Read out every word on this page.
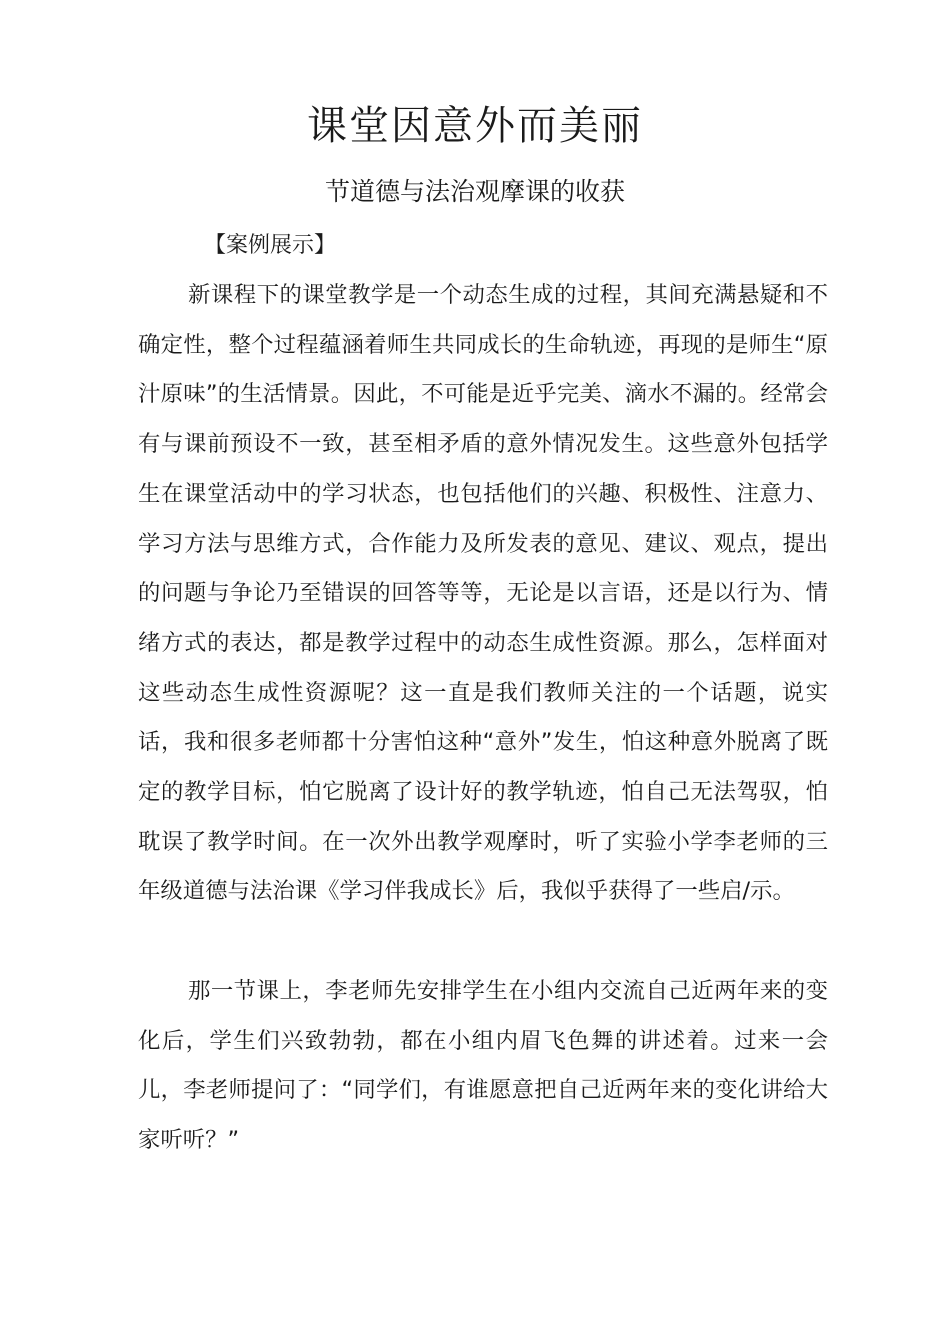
课堂因意外而美丽
节道德与法治观摩课的收获
【案例展示】

新课程下的课堂教学是一个动态生成的过程，其间充满悬疑和不确定性，整个过程蕴涵着师生共同成长的生命轨迹，再现的是师生“原汁原味”的生活情景。因此，不可能是近乎完美、滴水不漏的。经常会有与课前预设不一致，甚至相矛盾的意外情况发生。这些意外包括学生在课堂活动中的学习状态，也包括他们的兴趣、积极性、注意力、学习方法与思维方式，合作能力及所发表的意见、建议、观点，提出的问题与争论乃至错误的回答等等，无论是以言语，还是以行为、情绪方式的表达，都是教学过程中的动态生成性资源。那么，怎样面对这些动态生成性资源呢？这一直是我们教师关注的一个话题，说实话，我和很多老师都十分害怕这种“意外”发生，怕这种意外脱离了既定的教学目标，怕它脱离了设计好的教学轨迹，怕自己无法驾驭，怕耽误了教学时间。在一次外出教学观摩时，听了实验小学李老师的三年级道德与法治课《学习伴我成长》后，我似乎获得了一些启/示。

那一节课上，李老师先安排学生在小组内交流自己近两年来的变化后，学生们兴致勃勃，都在小组内眉飞色舞的讲述着。过来一会儿，李老师提问了：“同学们，有谁愿意把自己近两年来的变化讲给大家听听？”
